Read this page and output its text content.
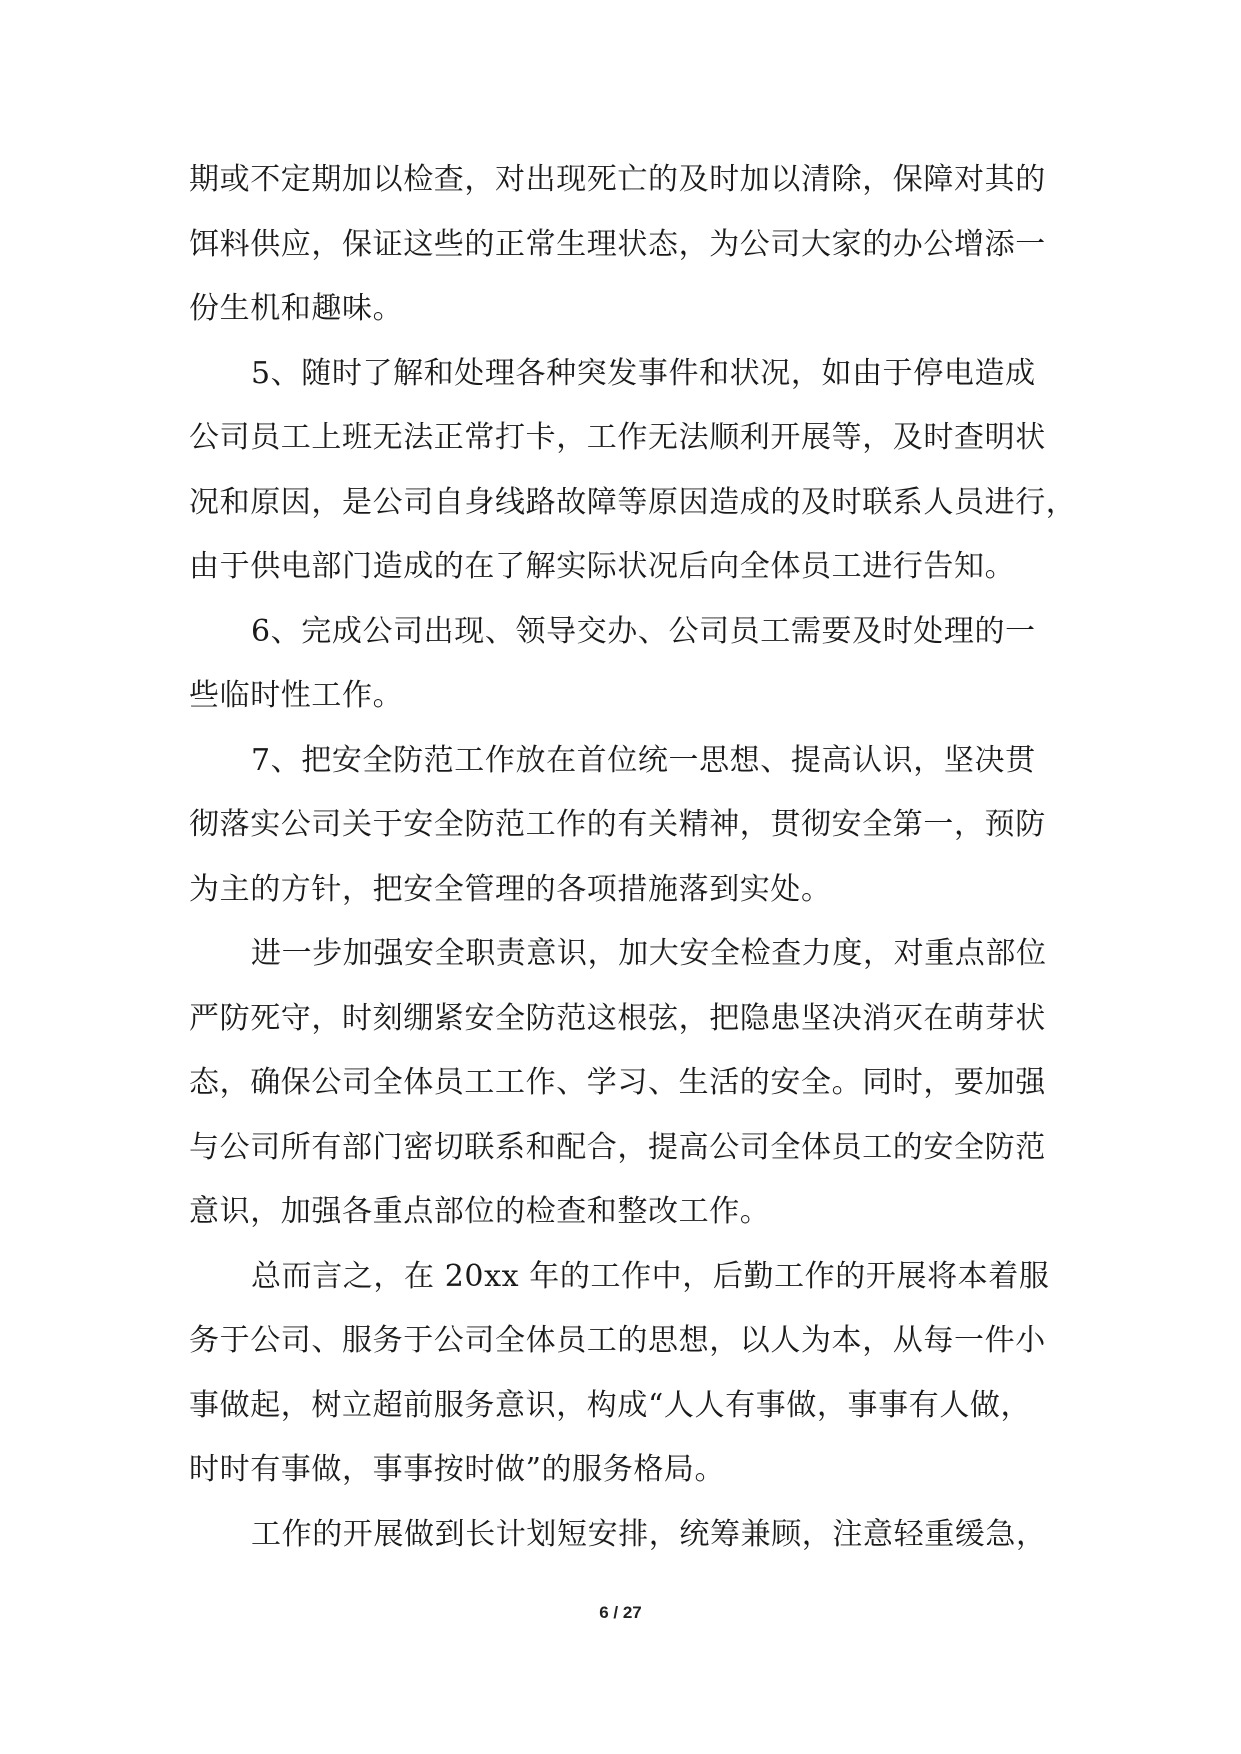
期或不定期加以检查，对出现死亡的及时加以清除，保障对其的
饵料供应，保证这些的正常生理状态，为公司大家的办公增添一
份生机和趣味。
5、随时了解和处理各种突发事件和状况，如由于停电造成
公司员工上班无法正常打卡，工作无法顺利开展等，及时查明状
况和原因，是公司自身线路故障等原因造成的及时联系人员进行，
由于供电部门造成的在了解实际状况后向全体员工进行告知。
6、完成公司出现、领导交办、公司员工需要及时处理的一
些临时性工作。
7、把安全防范工作放在首位统一思想、提高认识，坚决贯
彻落实公司关于安全防范工作的有关精神，贯彻安全第一，预防
为主的方针，把安全管理的各项措施落到实处。
进一步加强安全职责意识，加大安全检查力度，对重点部位
严防死守，时刻绷紧安全防范这根弦，把隐患坚决消灭在萌芽状
态，确保公司全体员工工作、学习、生活的安全。同时，要加强
与公司所有部门密切联系和配合，提高公司全体员工的安全防范
意识，加强各重点部位的检查和整改工作。
总而言之，在 20xx 年的工作中，后勤工作的开展将本着服
务于公司、服务于公司全体员工的思想，以人为本，从每一件小
事做起，树立超前服务意识，构成“人人有事做，事事有人做，
时时有事做，事事按时做”的服务格局。
工作的开展做到长计划短安排，统筹兼顾，注意轻重缓急，
6 / 27
